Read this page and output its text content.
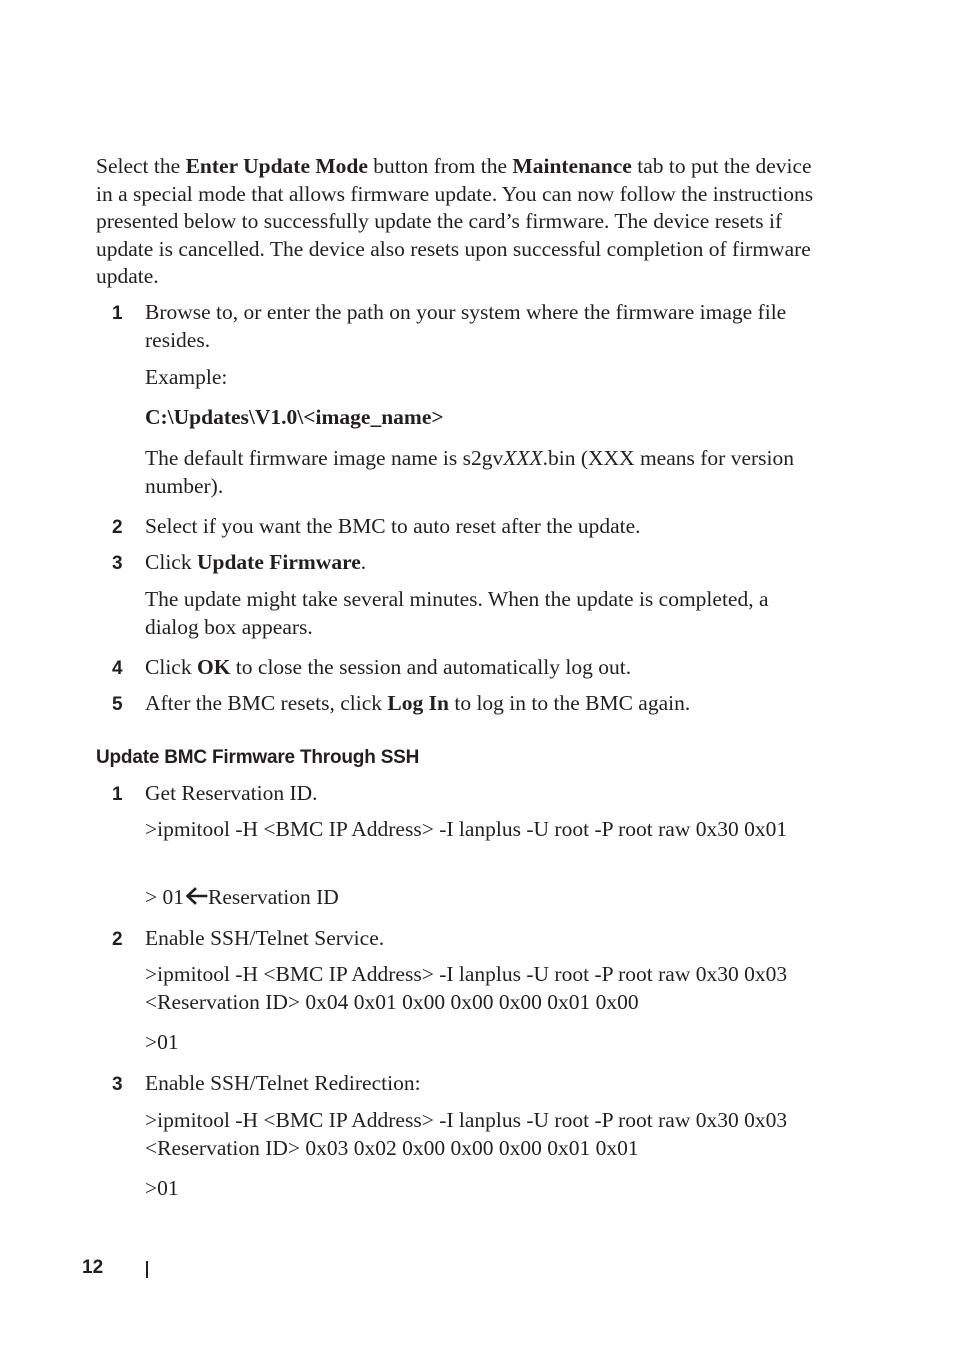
Select the Enter Update Mode button from the Maintenance tab to put the device in a special mode that allows firmware update. You can now follow the instructions presented below to successfully update the card’s firmware. The device resets if update is cancelled. The device also resets upon successful completion of firmware update.

1 Browse to, or enter the path on your system where the firmware image file resides.

Example:

C:\Updates\V1.0\<image_name>

The default firmware image name is s2gvXXX.bin (XXX means for version number).

2 Select if you want the BMC to auto reset after the update.
3 Click Update Firmware.

The update might take several minutes. When the update is completed, a dialog box appears.

4 Click OK to close the session and automatically log out.
5 After the BMC resets, click Log In to log in to the BMC again.
Update BMC Firmware Through SSH
1 Get Reservation ID.

>ipmitool -H <BMC IP Address> -I lanplus -U root -P root raw 0x30 0x01

> 01 Reservation ID

2 Enable SSH/Telnet Service.

>ipmitool -H <BMC IP Address> -I lanplus -U root -P root raw 0x30 0x03 <Reservation ID> 0x04 0x01 0x00 0x00 0x00 0x01 0x00

>01

3 Enable SSH/Telnet Redirection:

>ipmitool -H <BMC IP Address> -I lanplus -U root -P root raw 0x30 0x03 <Reservation ID> 0x03 0x02 0x00 0x00 0x00 0x01 0x01

>01

12
